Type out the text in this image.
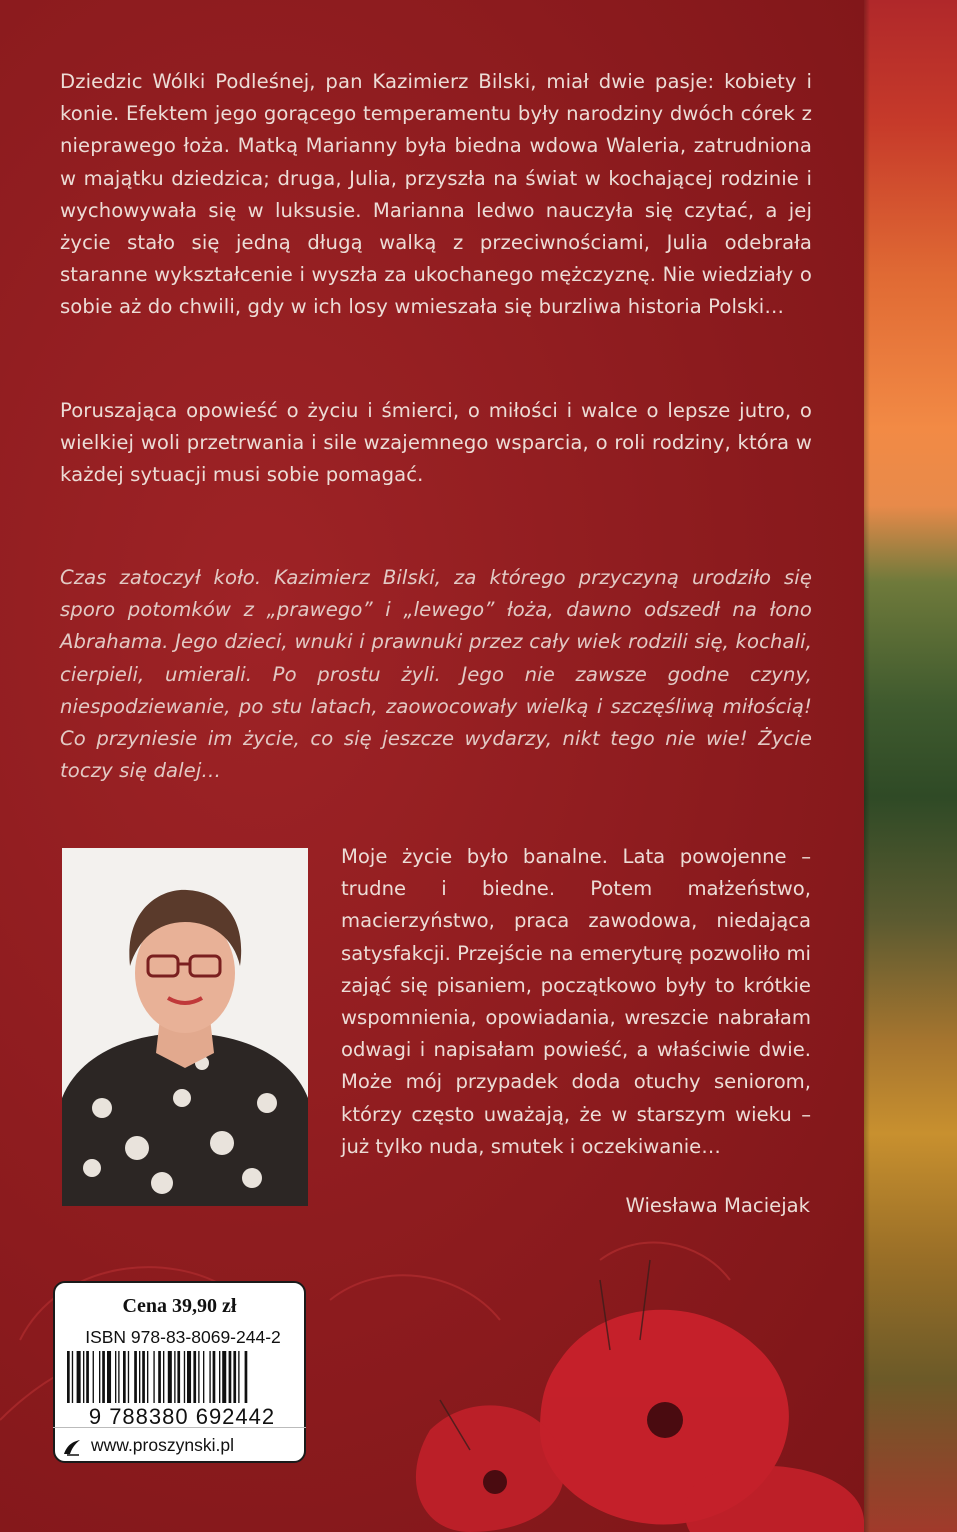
Dziedzic Wólki Podleśnej, pan Kazimierz Bilski, miał dwie pasje: kobiety i konie. Efektem jego gorącego temperamentu były narodziny dwóch córek z nieprawego łoża. Matką Marianny była biedna wdowa Waleria, zatrudniona w majątku dziedzica; druga, Julia, przyszła na świat w kochającej rodzinie i wychowywała się w luksusie. Marianna ledwo nauczyła się czytać, a jej życie stało się jedną długą walką z przeciwnościami, Julia odebrała staranne wykształcenie i wyszła za ukochanego mężczyznę. Nie wiedziały o sobie aż do chwili, gdy w ich losy wmieszała się burzliwa historia Polski…

Poruszająca opowieść o życiu i śmierci, o miłości i walce o lepsze jutro, o wielkiej woli przetrwania i sile wzajemnego wsparcia, o roli rodziny, która w każdej sytuacji musi sobie pomagać.

Czas zatoczył koło. Kazimierz Bilski, za którego przyczyną urodziło się sporo potomków z „prawego” i „lewego” łoża, dawno odszedł na łono Abrahama. Jego dzieci, wnuki i prawnuki przez cały wiek rodzili się, kochali, cierpieli, umierali. Po prostu żyli. Jego nie zawsze godne czyny, niespodziewanie, po stu latach, zaowocowały wielką i szczęśliwą miłością! Co przyniesie im życie, co się jeszcze wydarzy, nikt tego nie wie! Życie toczy się dalej…

Moje życie było banalne. Lata powojenne – trudne i biedne. Potem małżeństwo, macierzyństwo, praca zawodowa, niedająca satysfakcji. Przejście na emeryturę pozwoliło mi zająć się pisaniem, początkowo były to krótkie wspomnienia, opowiadania, wreszcie nabrałam odwagi i napisałam powieść, a właściwie dwie. Może mój przypadek doda otuchy seniorom, którzy często uważają, że w starszym wieku – już tylko nuda, smutek i oczekiwanie…

Wiesława Maciejak

Cena 39,90 zł

ISBN 978-83-8069-244-2

9 788380 692442

www.proszynski.pl
